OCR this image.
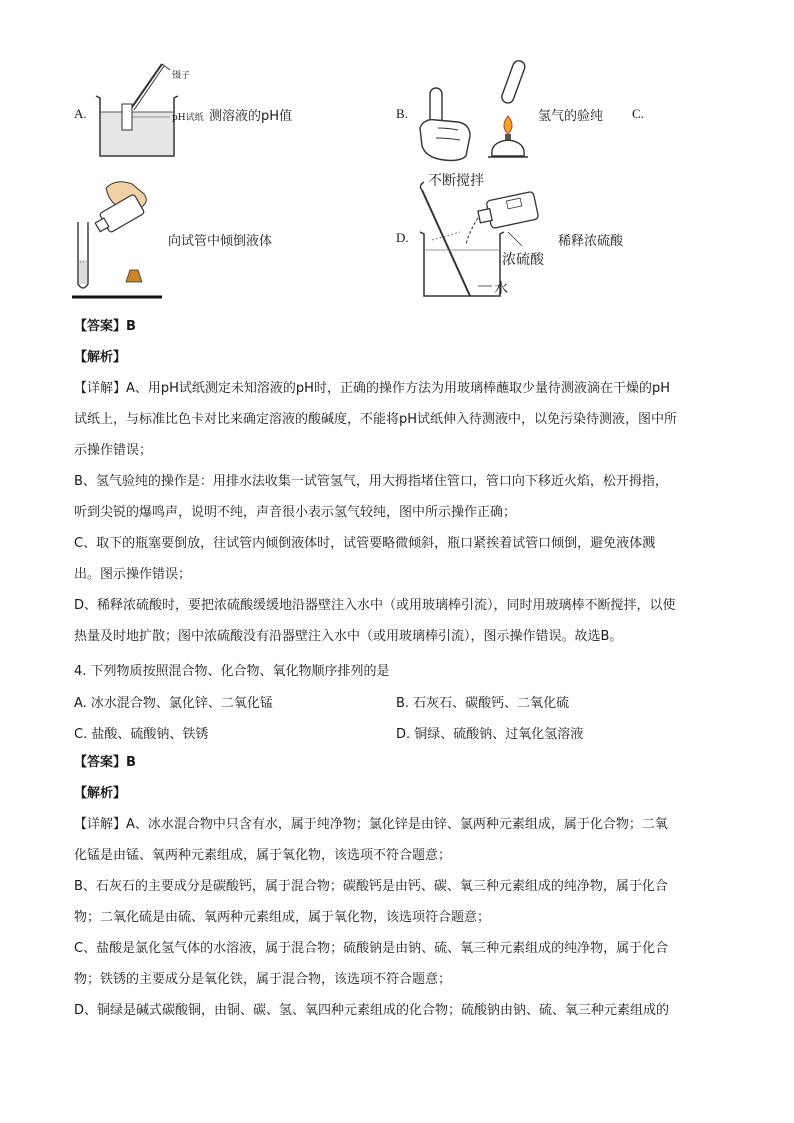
A.
镊子
pH试纸 测溶液的pH值	B.	氢气的验纯 C.
向试管中倾倒液体	D.
不断搅拌
稀释浓硫酸
浓硫酸
水
【答案】B
【解析】
【详解】A、用pH试纸测定未知溶液的pH时，正确的操作方法为用玻璃棒蘸取少量待测液滴在干燥的pH
试纸上，与标准比色卡对比来确定溶液的酸碱度，不能将pH试纸伸入待测液中，以免污染待测液，图中所
示操作错误；
B、氢气验纯的操作是：用排水法收集一试管氢气，用大拇指堵住管口，管口向下移近火焰，松开拇指，
听到尖锐的爆鸣声，说明不纯，声音很小表示氢气较纯，图中所示操作正确；
C、取下的瓶塞要倒放，往试管内倾倒液体时，试管要略微倾斜，瓶口紧挨着试管口倾倒，避免液体溅
出。图示操作错误；
D、稀释浓硫酸时，要把浓硫酸缓缓地沿器壁注入水中（或用玻璃棒引流），同时用玻璃棒不断搅拌，以使
热量及时地扩散；图中浓硫酸没有沿器壁注入水中（或用玻璃棒引流），图示操作错误。故选B。
4. 下列物质按照混合物、化合物、氧化物顺序排列的是
A. 冰水混合物、氯化锌、二氧化锰	B. 石灰石、碳酸钙、二氧化硫
C. 盐酸、硫酸钠、铁锈	D. 铜绿、硫酸钠、过氧化氢溶液
【答案】B
【解析】
【详解】A、冰水混合物中只含有水，属于纯净物；氯化锌是由锌、氯两种元素组成，属于化合物；二氧
化锰是由锰、氧两种元素组成，属于氧化物，该选项不符合题意；
B、石灰石的主要成分是碳酸钙，属于混合物；碳酸钙是由钙、碳、氧三种元素组成的纯净物，属于化合
物；二氧化硫是由硫、氧两种元素组成，属于氧化物，该选项符合题意；
C、盐酸是氯化氢气体的水溶液，属于混合物；硫酸钠是由钠、硫、氧三种元素组成的纯净物，属于化合
物；铁锈的主要成分是氧化铁，属于混合物，该选项不符合题意；
D、铜绿是碱式碳酸铜，由铜、碳、氢、氧四种元素组成的化合物；硫酸钠由钠、硫、氧三种元素组成的
